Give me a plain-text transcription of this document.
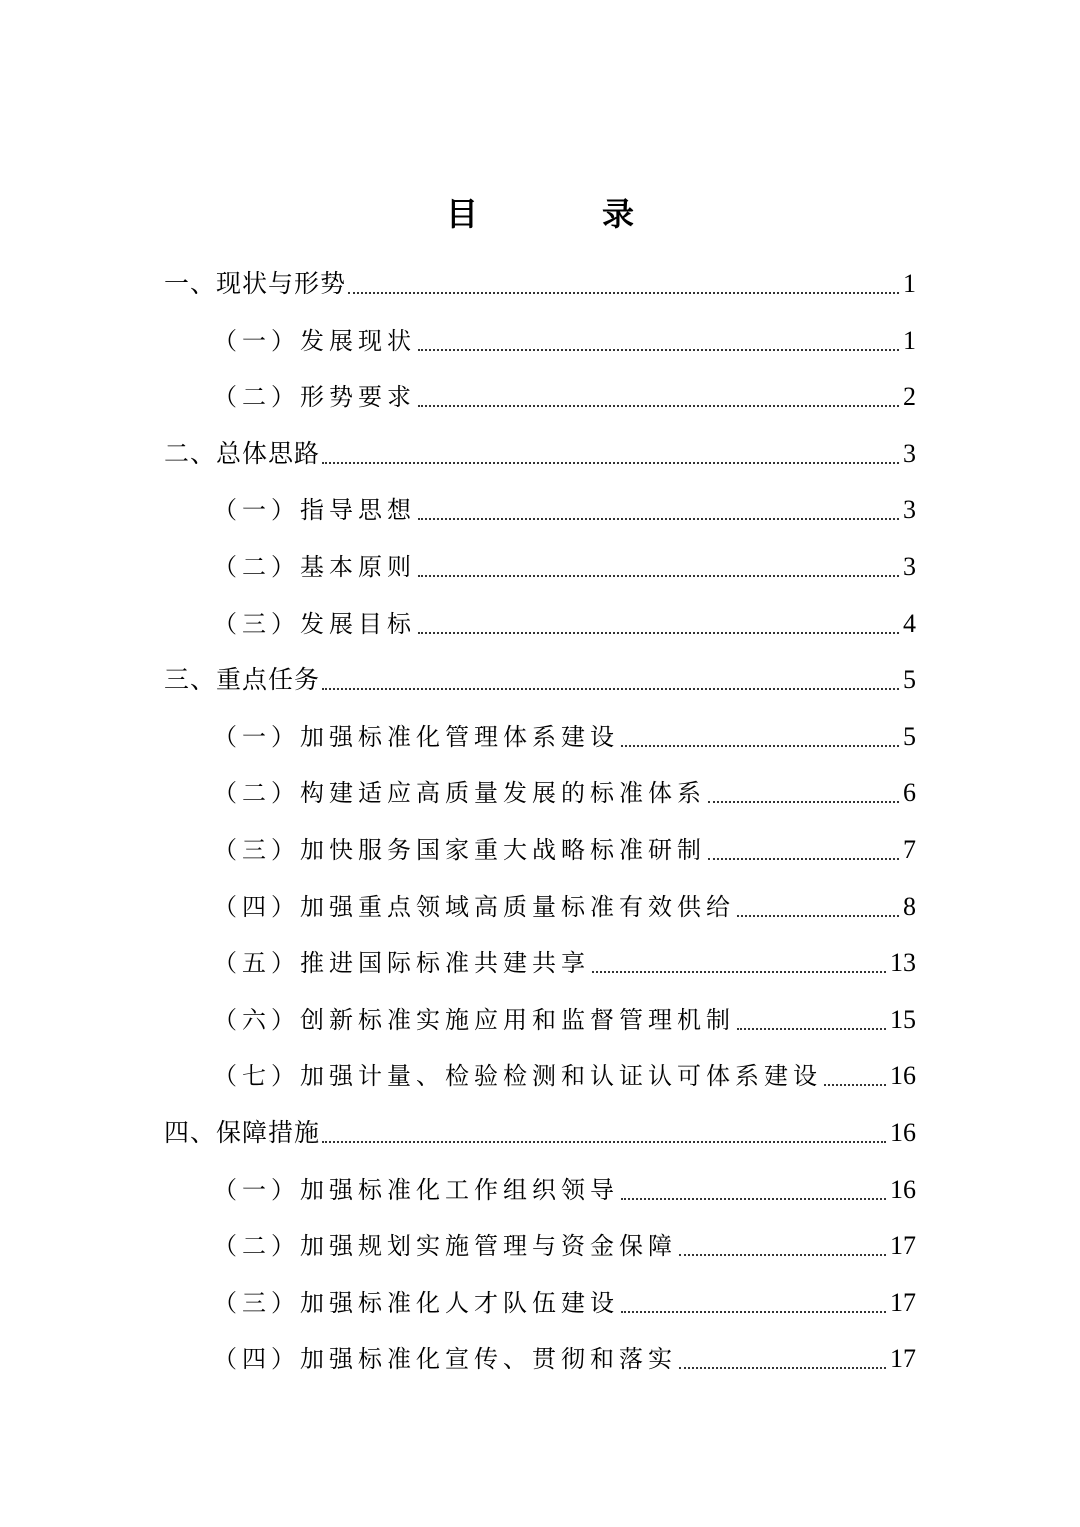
目　录
一、现状与形势	1
（一）发展现状	1
（二）形势要求	2
二、总体思路	3
（一）指导思想	3
（二）基本原则	3
（三）发展目标	4
三、重点任务	5
（一）加强标准化管理体系建设	5
（二）构建适应高质量发展的标准体系	6
（三）加快服务国家重大战略标准研制	7
（四）加强重点领域高质量标准有效供给	8
（五）推进国际标准共建共享	13
（六）创新标准实施应用和监督管理机制	15
（七）加强计量、检验检测和认证认可体系建设	16
四、保障措施	16
（一）加强标准化工作组织领导	16
（二）加强规划实施管理与资金保障	17
（三）加强标准化人才队伍建设	17
（四）加强标准化宣传、贯彻和落实	17
